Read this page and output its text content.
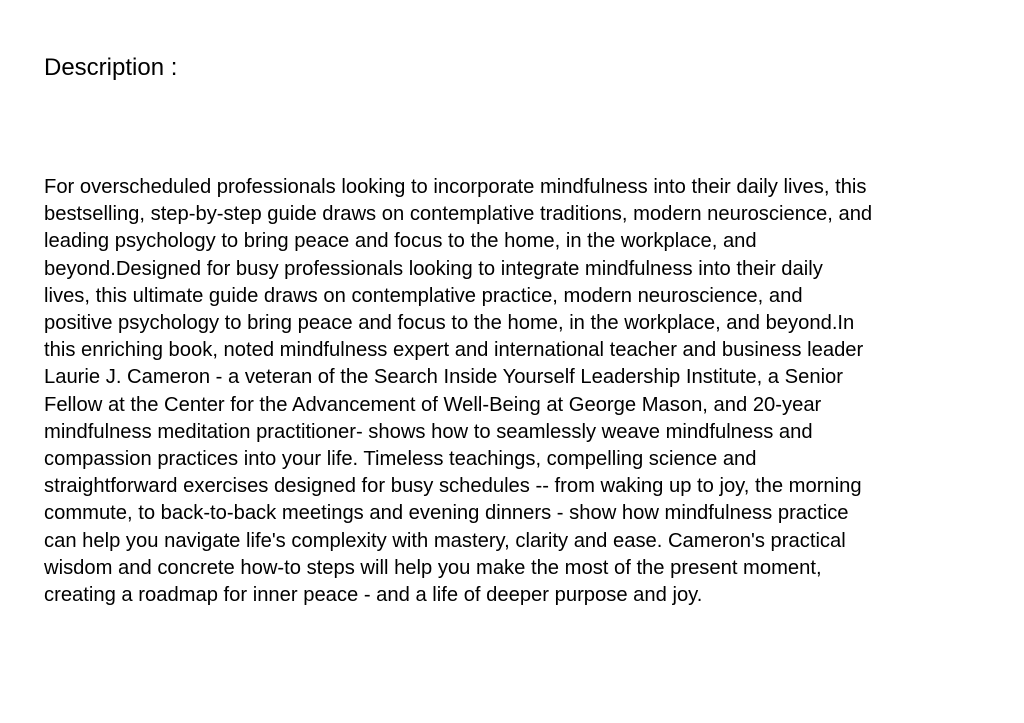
Description :
For overscheduled professionals looking to incorporate mindfulness into their daily lives, this
bestselling, step-by-step guide draws on contemplative traditions, modern neuroscience, and
leading psychology to bring peace and focus to the home, in the workplace, and
beyond.Designed for busy professionals looking to integrate mindfulness into their daily
lives, this ultimate guide draws on contemplative practice, modern neuroscience, and
positive psychology to bring peace and focus to the home, in the workplace, and beyond.In
this enriching book, noted mindfulness expert and international teacher and business leader
Laurie J. Cameron - a veteran of the Search Inside Yourself Leadership Institute, a Senior
Fellow at the Center for the Advancement of Well-Being at George Mason, and 20-year
mindfulness meditation practitioner- shows how to seamlessly weave mindfulness and
compassion practices into your life. Timeless teachings, compelling science and
straightforward exercises designed for busy schedules -- from waking up to joy, the morning
commute, to back-to-back meetings and evening dinners - show how mindfulness practice
can help you navigate life's complexity with mastery, clarity and ease. Cameron's practical
wisdom and concrete how-to steps will help you make the most of the present moment,
creating a roadmap for inner peace - and a life of deeper purpose and joy.
